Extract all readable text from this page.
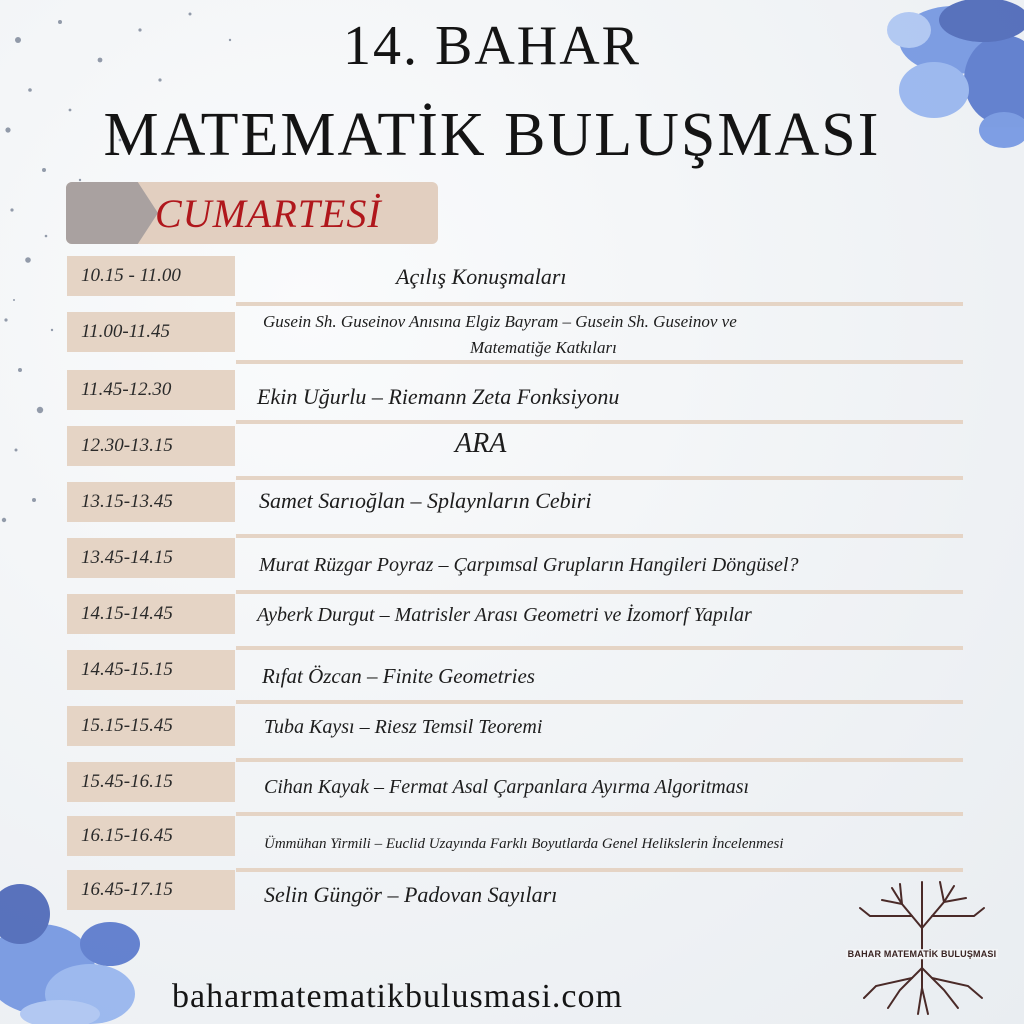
14. BAHAR
MATEMATİK BULUŞMASI
CUMARTESİ
10.15 - 11.00	Açılış Konuşmaları
11.00-11.45	Gusein Sh. Guseinov Anısına Elgiz Bayram – Gusein Sh. Guseinov ve
Matematiğe Katkıları
11.45-12.30	Ekin Uğurlu – Riemann Zeta Fonksiyonu
12.30-13.15	ARA
13.15-13.45	Samet Sarıoğlan – Splaynların Cebiri
13.45-14.15	Murat Rüzgar Poyraz – Çarpımsal Grupların Hangileri Döngüsel?
14.15-14.45	Ayberk Durgut – Matrisler Arası Geometri ve İzomorf Yapılar
14.45-15.15	Rıfat Özcan – Finite Geometries
15.15-15.45	Tuba Kaysı – Riesz Temsil Teoremi
15.45-16.15	Cihan Kayak – Fermat Asal Çarpanlara Ayırma Algoritması
16.15-16.45	Ümmühan Yirmili – Euclid Uzayında Farklı Boyutlarda Genel Helikslerin İncelenmesi
16.45-17.15	Selin Güngör – Padovan Sayıları
BAHAR MATEMATİK BULUŞMASI
baharmatematikbulusmasi.com
